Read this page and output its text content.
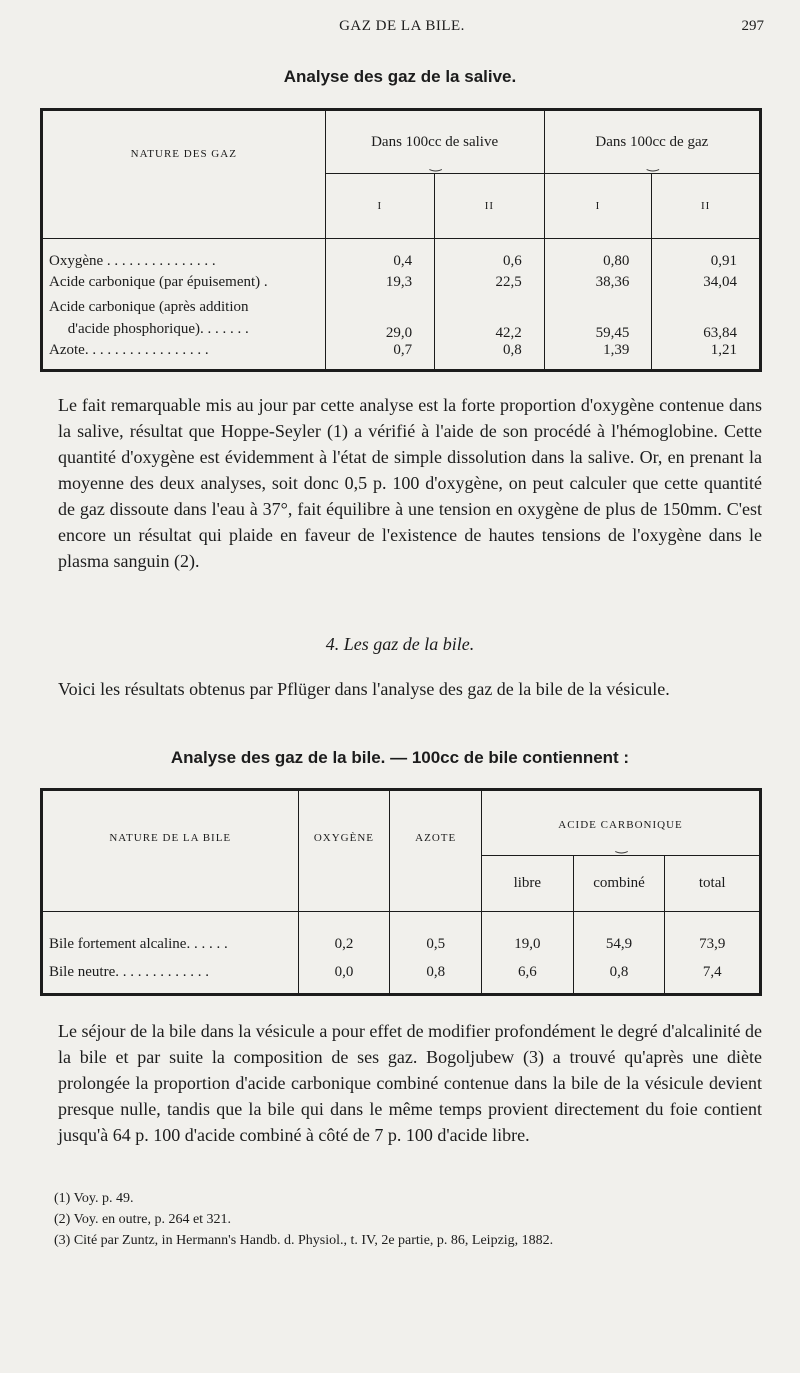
GAZ DE LA BILE.	297
Analyse des gaz de la salive.
NATURE DES GAZ	Dans 100cc de salive		Dans 100cc de gaz	
	‿		‿	
	I	II	I	II
Oxygène . . . . . . . . . . . . . . .	0,4	0,6	0,80	0,91
Acide carbonique (par épuisement) .	19,3	22,5	38,36	34,04
Acide carbonique (après addition
d'acide phosphorique). . . . . . .	29,0	42,2	59,45	63,84
Azote. . . . . . . . . . . . . . . . .	0,7	0,8	1,39	1,21
Le fait remarquable mis au jour par cette analyse est la forte proportion d'oxygène contenue dans la salive, résultat que Hoppe-Seyler (1) a vérifié à l'aide de son procédé à l'hémoglobine. Cette quantité d'oxygène est évidemment à l'état de simple dissolution dans la salive. Or, en prenant la moyenne des deux analyses, soit donc 0,5 p. 100 d'oxygène, on peut calculer que cette quantité de gaz dissoute dans l'eau à 37°, fait équilibre à une tension en oxygène de plus de 150mm. C'est encore un résultat qui plaide en faveur de l'existence de hautes tensions de l'oxygène dans le plasma sanguin (2).
4. Les gaz de la bile.
Voici les résultats obtenus par Pflüger dans l'analyse des gaz de la bile de la vésicule.
Analyse des gaz de la bile. — 100cc de bile contiennent :
NATURE DE LA BILE	OXYGÈNE	AZOTE	ACIDE CARBONIQUE		
			‿		
			libre	combiné	total
Bile fortement alcaline. . . . . .	0,2	0,5	19,0	54,9	73,9
Bile neutre. . . . . . . . . . . . .	0,0	0,8	6,6	0,8	7,4
Le séjour de la bile dans la vésicule a pour effet de modifier profondément le degré d'alcalinité de la bile et par suite la composition de ses gaz. Bogoljubew (3) a trouvé qu'après une diète prolongée la proportion d'acide carbonique combiné contenue dans la bile de la vésicule devient presque nulle, tandis que la bile qui dans le même temps provient directement du foie contient jusqu'à 64 p. 100 d'acide combiné à côté de 7 p. 100 d'acide libre.
(1) Voy. p. 49.
(2) Voy. en outre, p. 264 et 321.
(3) Cité par Zuntz, in Hermann's Handb. d. Physiol., t. IV, 2e partie, p. 86, Leipzig, 1882.
